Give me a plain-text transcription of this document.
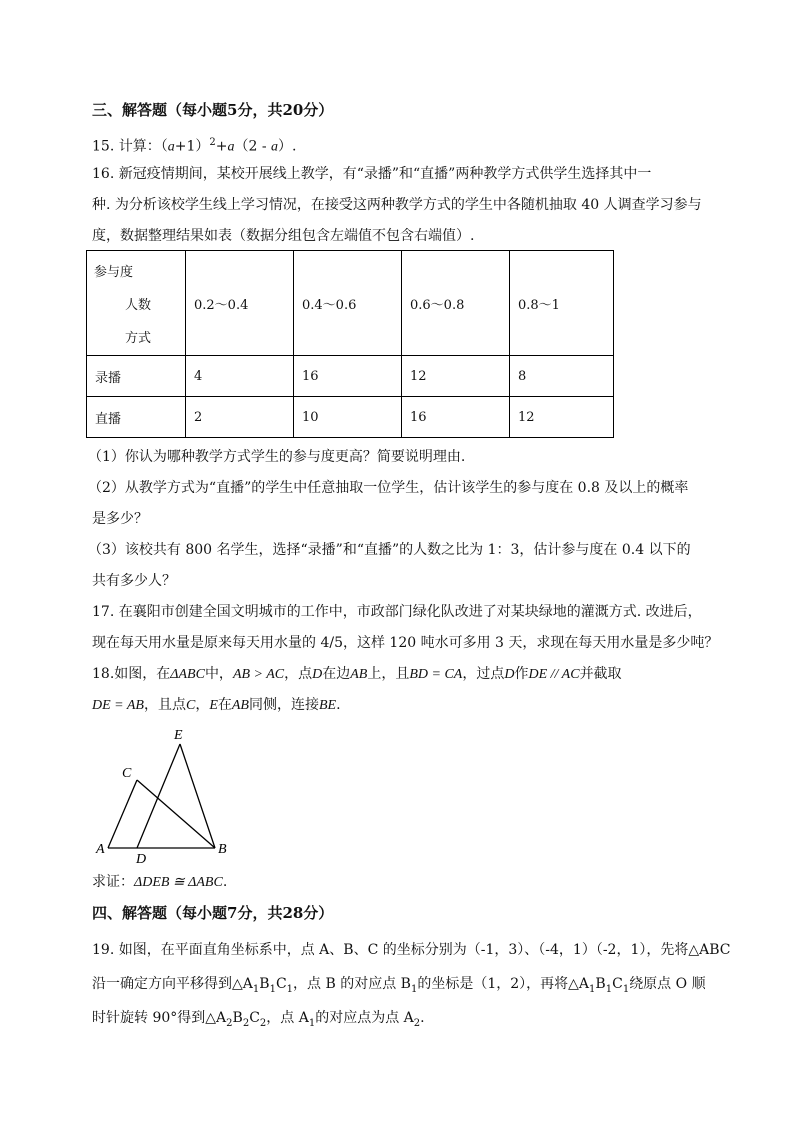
三、解答题（每小题5分，共20分）
15. 计算：$(a+1)^2+a(2 - a)$.
16. 新冠疫情期间，某校开展线上教学，有“录播”和“直播”两种教学方式供学生选择其中一
种. 为分析该校学生线上学习情况，在接受这两种教学方式的学生中各随机抽取 40 人调查学习参与
度，数据整理结果如表（数据分组包含左端值不包含右端值）.
参与度
人数
方式	0.2～0.4	0.4～0.6	0.6～0.8	0.8～1
录播	4	16	12	8
直播	2	10	16	12
（1）你认为哪种教学方式学生的参与度更高？简要说明理由.
（2）从教学方式为“直播”的学生中任意抽取一位学生，估计该学生的参与度在 0.8 及以上的概率
是多少？
（3）该校共有 800 名学生，选择“录播”和“直播”的人数之比为 1：3，估计参与度在 0.4 以下的
共有多少人？
17. 在襄阳市创建全国文明城市的工作中，市政部门绿化队改进了对某块绿地的灌溉方式. 改进后，
现在每天用水量是原来每天用水量的 4/5，这样 120 吨水可多用 3 天，求现在每天用水量是多少吨？
18.如图，在ΔABC中，AB > AC，点D在边AB上，且BD = CA，过点D作DE // AC并截取
DE = AB，且点C，E在AB同侧，连接BE.
A	B
C
D
E
求证：ΔDEB ≅ ΔABC.
四、解答题（每小题7分，共28分）
19. 如图，在平面直角坐标系中，点 A、B、C 的坐标分别为（-1，3）、（-4，1）（-2，1），先将△ABC
沿一确定方向平移得到$\triangle A_1B_1C_1$，点 B 的对应点 $B_1$的坐标是（1，2），再将$\triangle A_1B_1C_1$绕原点 O 顺
时针旋转 90°得到$\triangle A_2B_2C_2$，点 $A_1$的对应点为点 $A_2$.
